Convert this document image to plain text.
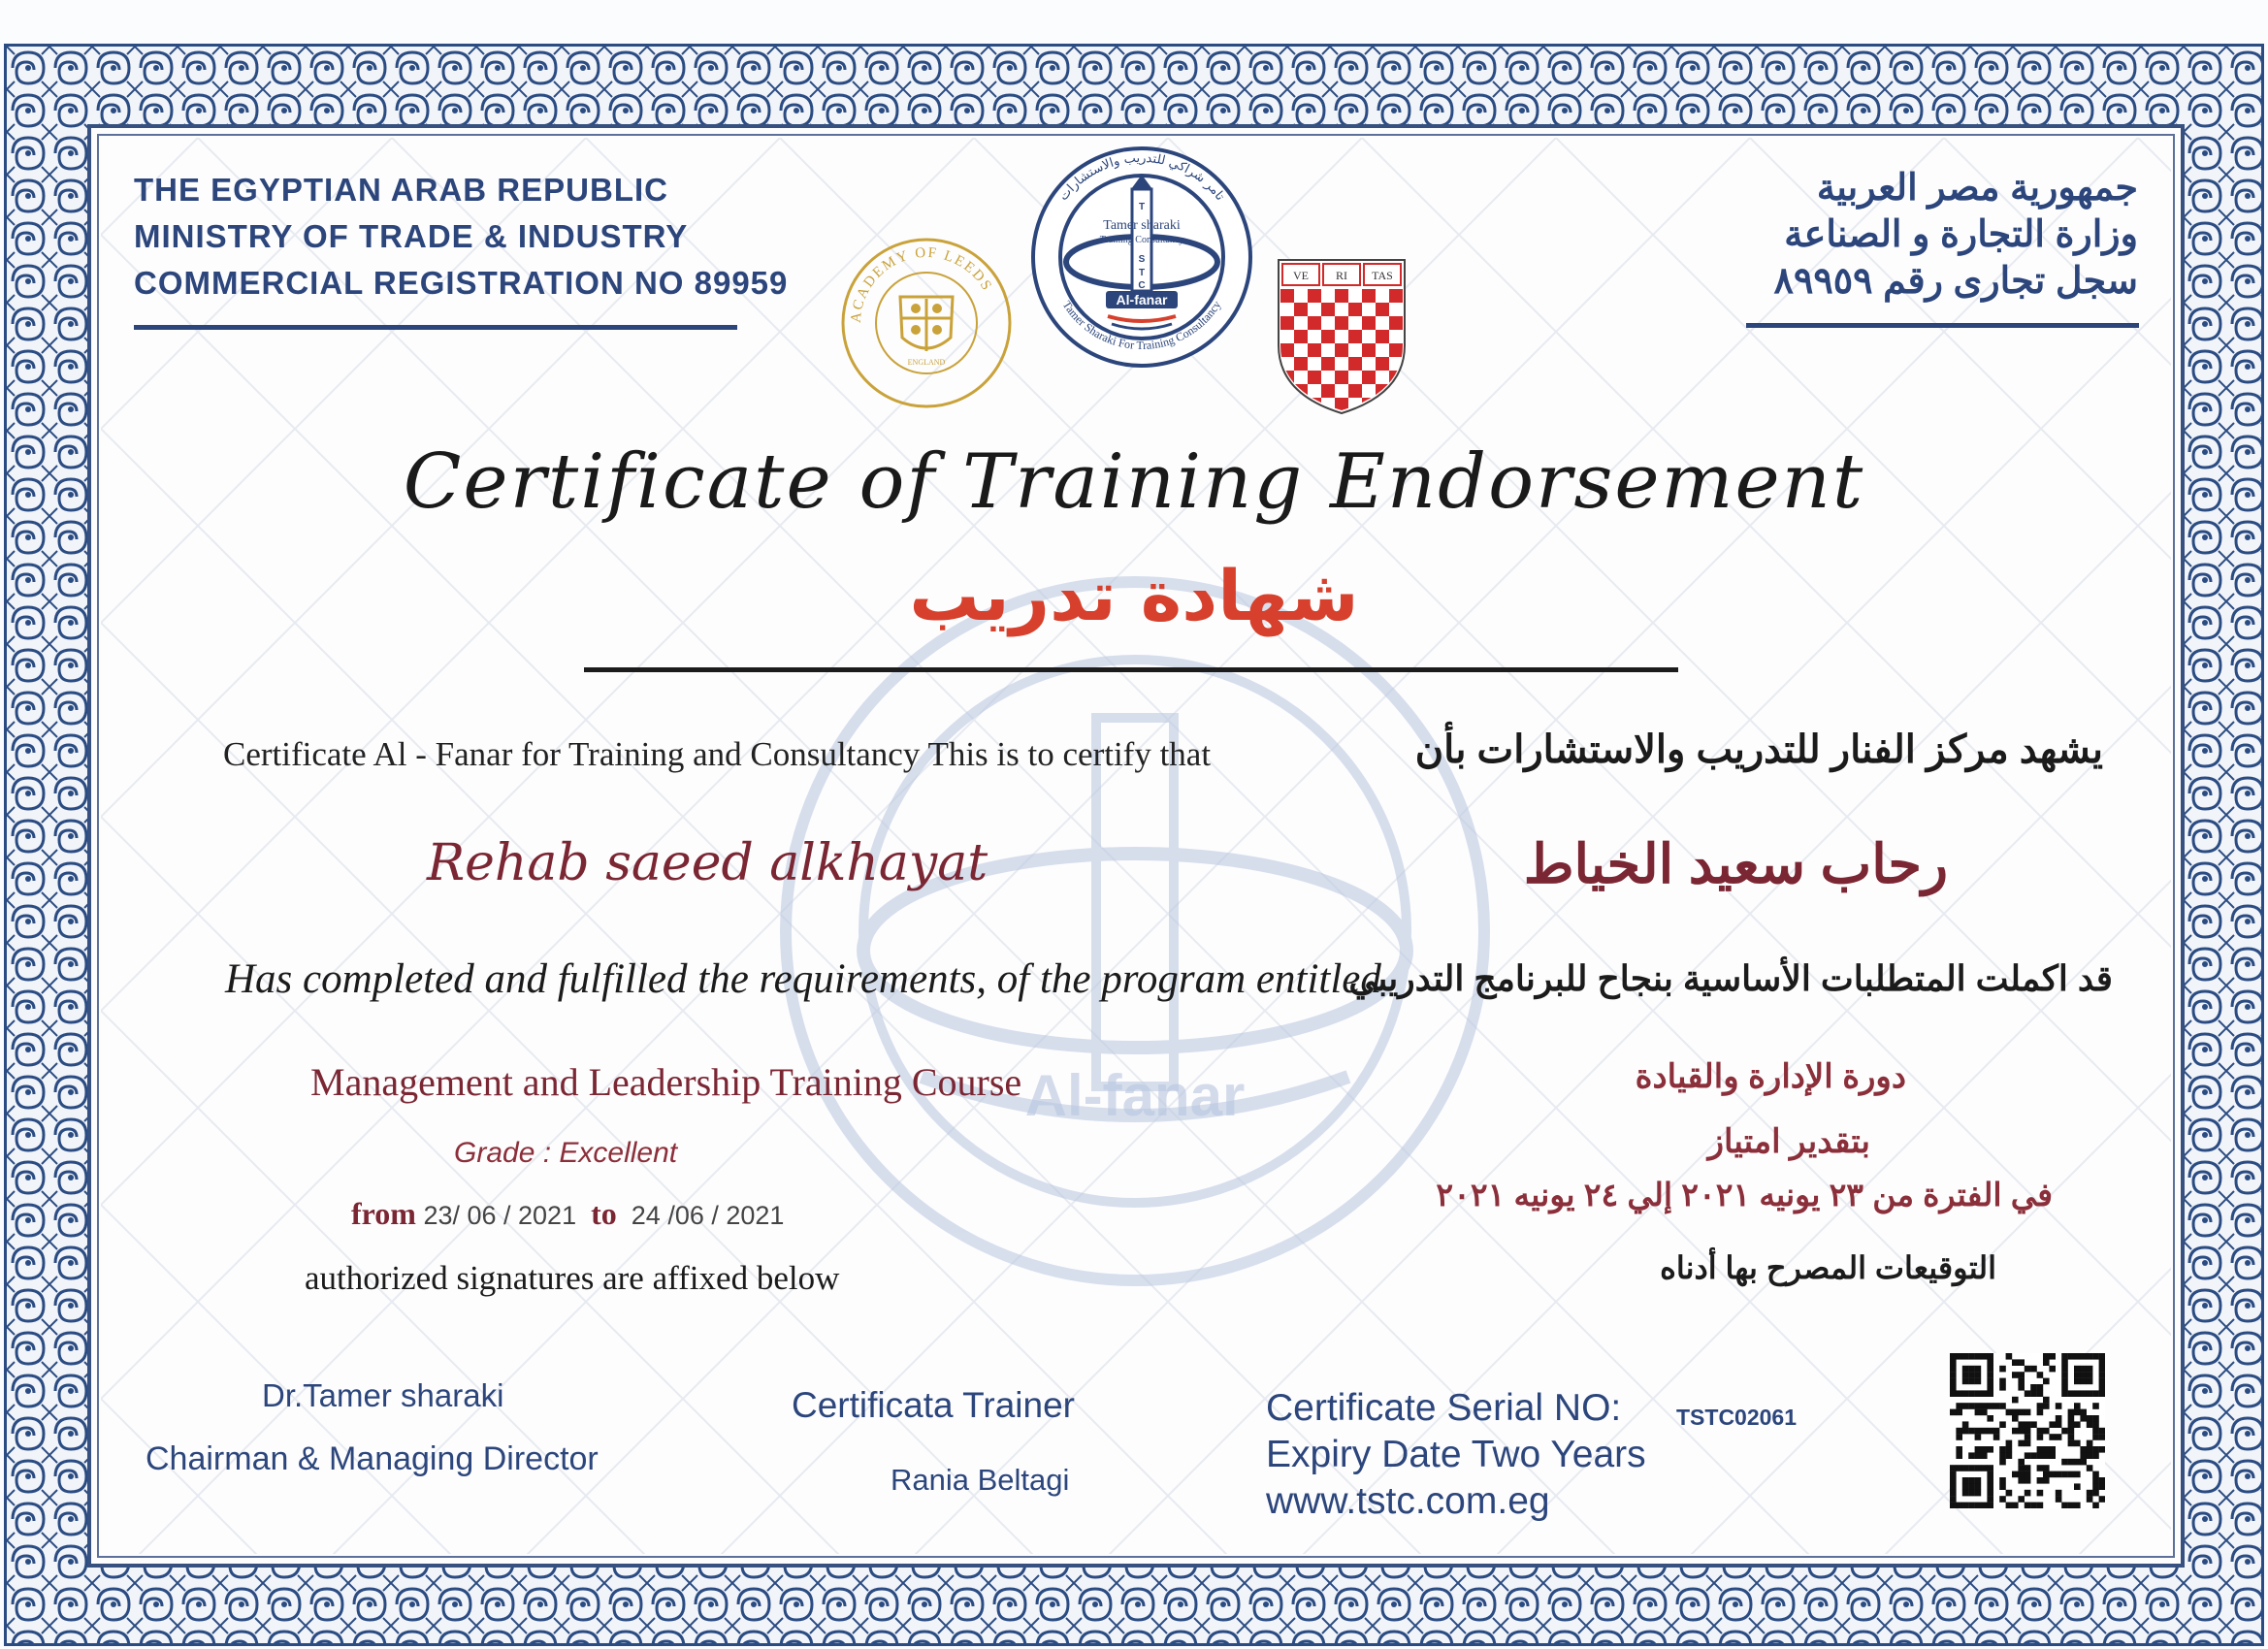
Al-fanar
THE EGYPTIAN ARAB REPUBLIC
MINISTRY OF TRADE & INDUSTRY
COMMERCIAL REGISTRATION NO 89959
جمهورية مصر العربية
وزارة التجارة و الصناعة
سجل تجارى رقم ٨٩٩٥٩
ACADEMY OF LEEDS
ENGLAND
تامر شراكي للتدريب والاستشارات
Tamer Sharaki For Training Consultancy
Tamer sharaki
Training Consultancy
T
S
T
C
Al-fanar
VE RI TAS
Certificate of Training Endorsement
شهادة تدريب
Certificate Al - Fanar for Training and Consultancy This is to certify that	يشهد مركز الفنار للتدريب والاستشارات بأن
Rehab saeed alkhayat	رحاب سعيد الخياط
Has completed and fulfilled the requirements, of the program entitled
قد اكملت المتطلبات الأساسية بنجاح للبرنامج التدريبي
Management and Leadership Training Course	دورة الإدارة والقيادة
Grade : Excellent	بتقدير امتياز
from 23/ 06 / 2021 to 24 /06 / 2021
في الفترة من ٢٣ يونيه ٢٠٢١ إلي ٢٤ يونيه ٢٠٢١
authorized signatures are affixed below	التوقيعات المصرح بها أدناه
Dr.Tamer sharaki
Chairman & Managing Director
Certificata Trainer
Rania Beltagi
Certificate Serial NO:
Expiry Date Two Years
www.tstc.com.eg
TSTC02061
